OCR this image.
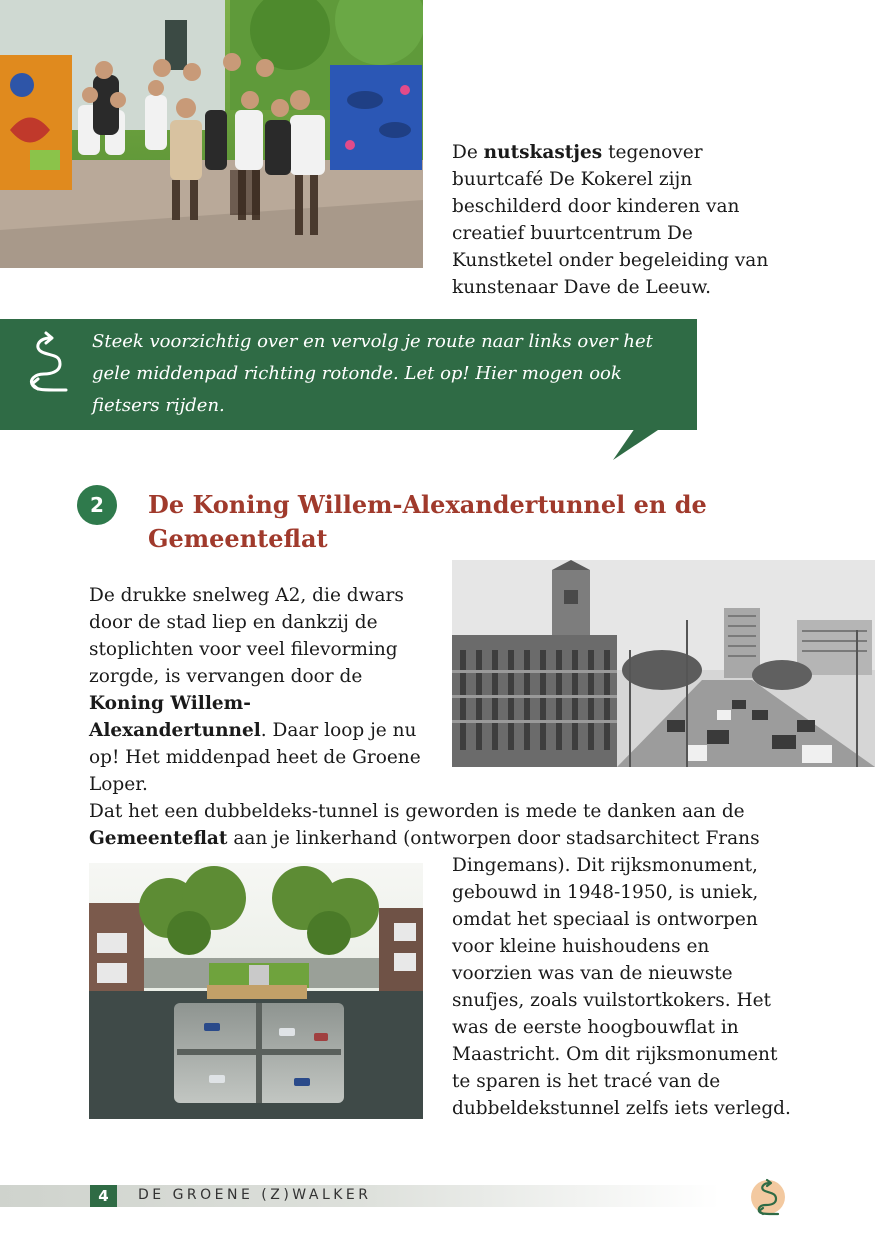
De nutskastjes tegenover buurtcafé De Kokerel zijn beschilderd door kinderen van creatief buurtcentrum De Kunstketel onder begeleiding van kunstenaar Dave de Leeuw.

Steek voorzichtig over en vervolg je route naar links over het gele middenpad richting rotonde. Let op! Hier mogen ook fietsers rijden.

2	De Koning Willem-Alexandertunnel en de Gemeenteflat

De drukke snelweg A2, die dwars door de stad liep en dankzij de stoplichten voor veel filevorming zorgde, is vervangen door de Koning Willem-Alexandertunnel. Daar loop je nu op! Het middenpad heet de Groene Loper.

Dat het een dubbeldeks-tunnel is geworden is mede te danken aan de
Gemeenteflat aan je linkerhand (ontworpen door stadsarchitect Frans

Dingemans). Dit rijksmonument, gebouwd in 1948-1950, is uniek, omdat het speciaal is ontworpen voor kleine huishoudens en voorzien was van de nieuwste snufjes, zoals vuilstortkokers. Het was de eerste hoogbouwflat in Maastricht. Om dit rijksmonument te sparen is het tracé van de dubbeldekstunnel zelfs iets verlegd.

4	DE GROENE (Z)WALKER
